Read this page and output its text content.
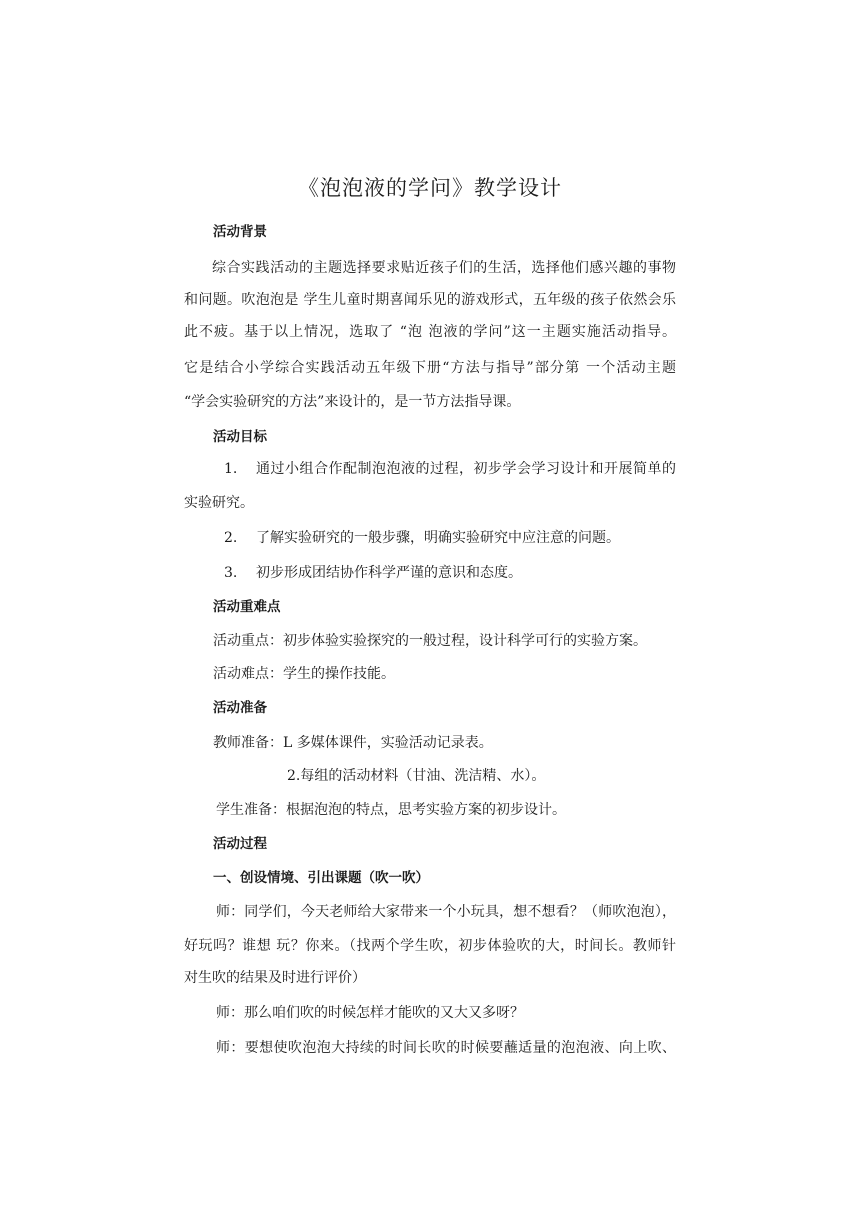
《泡泡液的学问》教学设计
活动背景
综合实践活动的主题选择要求贴近孩子们的生活，选择他们感兴趣的事物
和问题。吹泡泡是 学生儿童时期喜闻乐见的游戏形式，五年级的孩子依然会乐
此不疲。基于以上情况，选取了 “泡 泡液的学问”这一主题实施活动指导。
它是结合小学综合实践活动五年级下册“方法与指导”部分第 一个活动主题
“学会实验研究的方法”来设计的，是一节方法指导课。
活动目标
1. 通过小组合作配制泡泡液的过程，初步学会学习设计和开展简单的
实验研究。
2. 了解实验研究的一般步骤，明确实验研究中应注意的问题。
3. 初步形成团结协作科学严谨的意识和态度。
活动重难点
活动重点：初步体验实验探究的一般过程，设计科学可行的实验方案。
活动难点：学生的操作技能。
活动准备
教师准备：L 多媒体课件，实验活动记录表。
2.每组的活动材料（甘油、洗洁精、水）。
学生准备：根据泡泡的特点，思考实验方案的初步设计。
活动过程
一、创设情境、引出课题（吹一吹）
师：同学们，今天老师给大家带来一个小玩具，想不想看？（师吹泡泡），
好玩吗？谁想 玩？你来。（找两个学生吹，初步体验吹的大，时间长。教师针
对生吹的结果及时进行评价）
师：那么咱们吹的时候怎样才能吹的又大又多呀？
师：要想使吹泡泡大持续的时间长吹的时候要蘸适量的泡泡液、向上吹、
